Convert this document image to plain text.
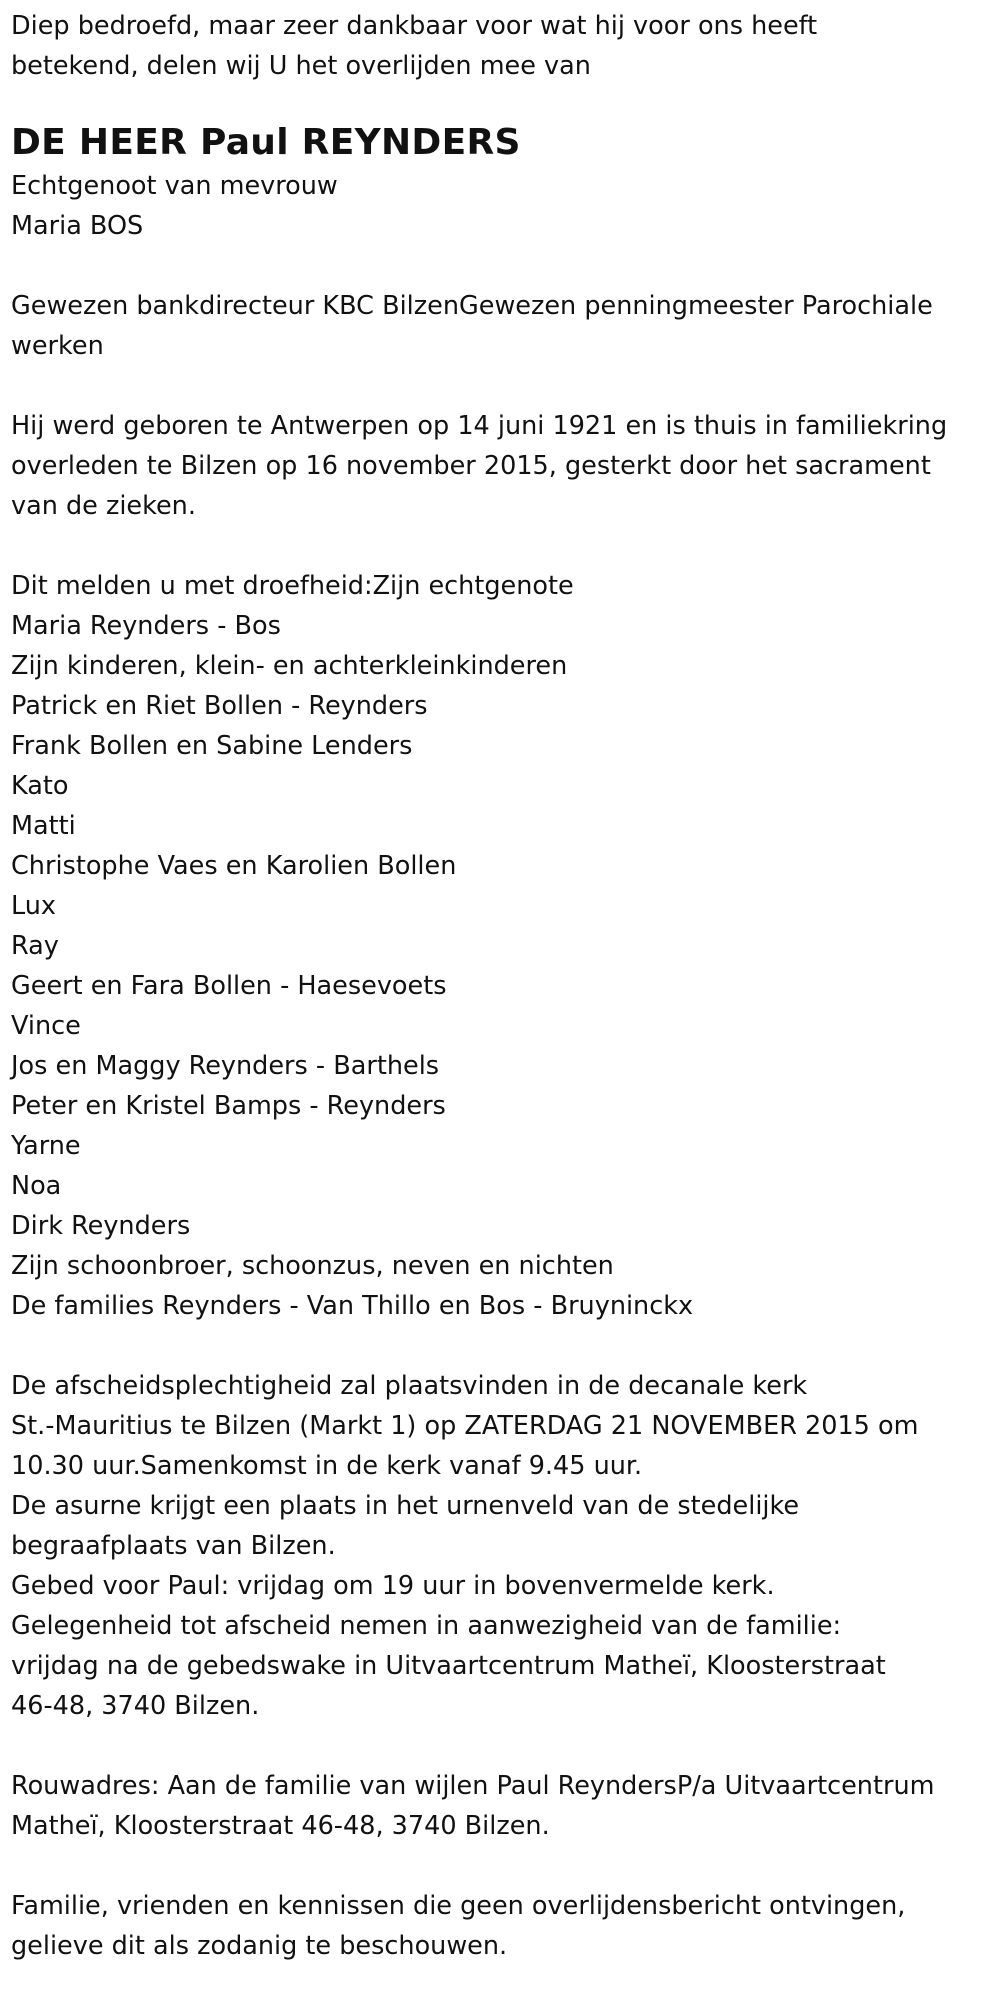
Diep bedroefd, maar zeer dankbaar voor wat hij voor ons heeft

betekend, delen wij U het overlijden mee van

DE HEER Paul REYNDERS

Echtgenoot van mevrouw

Maria BOS

Gewezen bankdirecteur KBC BilzenGewezen penningmeester Parochiale

werken

Hij werd geboren te Antwerpen op 14 juni 1921 en is thuis in familiekring

overleden te Bilzen op 16 november 2015, gesterkt door het sacrament

van de zieken.

Dit melden u met droefheid:Zijn echtgenote

Maria Reynders - Bos

Zijn kinderen, klein- en achterkleinkinderen

Patrick en Riet Bollen - Reynders

Frank Bollen en Sabine Lenders

Kato

Matti

Christophe Vaes en Karolien Bollen

Lux

Ray

Geert en Fara Bollen - Haesevoets

Vince

Jos en Maggy Reynders - Barthels

Peter en Kristel Bamps - Reynders

Yarne

Noa

Dirk Reynders

Zijn schoonbroer, schoonzus, neven en nichten

De families Reynders - Van Thillo en Bos - Bruyninckx

De afscheidsplechtigheid zal plaatsvinden in de decanale kerk

St.-Mauritius te Bilzen (Markt 1) op ZATERDAG 21 NOVEMBER 2015 om

10.30 uur.Samenkomst in de kerk vanaf 9.45 uur.

De asurne krijgt een plaats in het urnenveld van de stedelijke

begraafplaats van Bilzen.

Gebed voor Paul: vrijdag om 19 uur in bovenvermelde kerk.

Gelegenheid tot afscheid nemen in aanwezigheid van de familie:

vrijdag na de gebedswake in Uitvaartcentrum Matheï, Kloosterstraat

46-48, 3740 Bilzen.

Rouwadres: Aan de familie van wijlen Paul ReyndersP/a Uitvaartcentrum

Matheï, Kloosterstraat 46-48, 3740 Bilzen.

Familie, vrienden en kennissen die geen overlijdensbericht ontvingen,

gelieve dit als zodanig te beschouwen.
